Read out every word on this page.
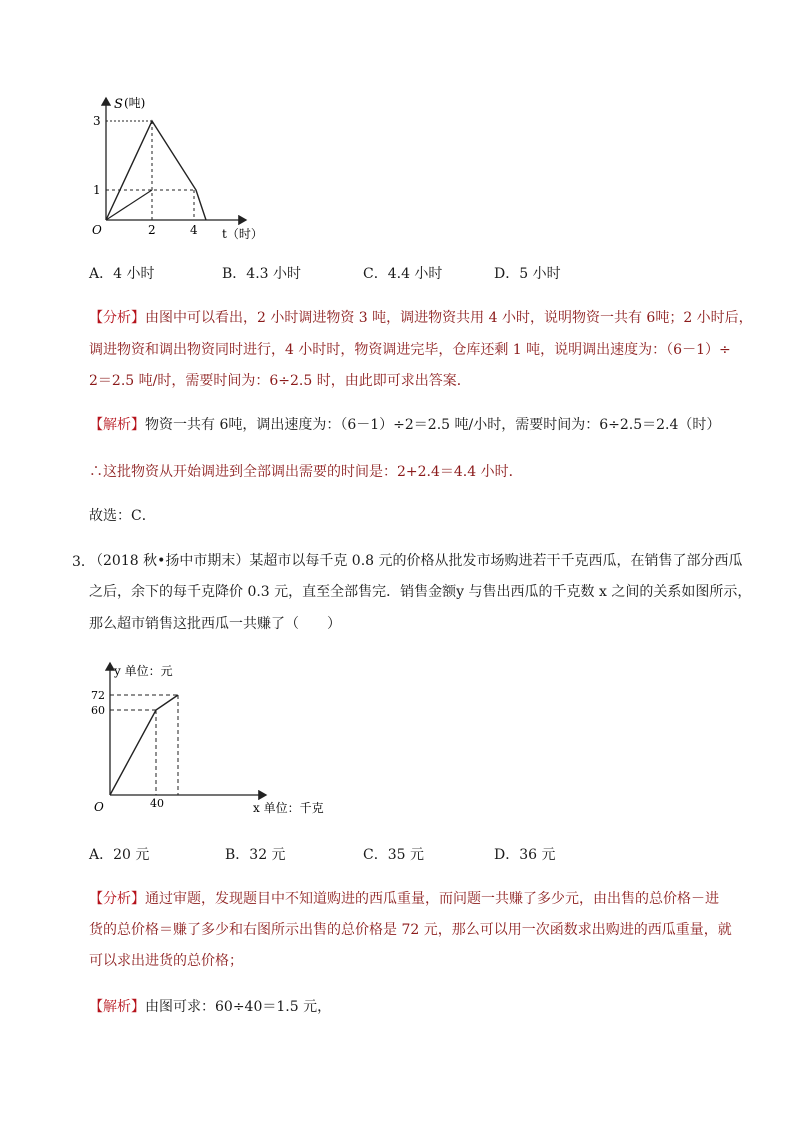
S (吨)
3
1
O	2	4 t（时）
A．4 小时	B．4.3 小时	C．4.4 小时	D．5 小时
【分析】由图中可以看出，2 小时调进物资 3 吨，调进物资共用 4 小时，说明物资一共有 6吨；2 小时后，
调进物资和调出物资同时进行，4 小时时，物资调进完毕，仓库还剩 1 吨，说明调出速度为：（6－1）÷
2＝2.5 吨/时，需要时间为：6÷2.5 时，由此即可求出答案．
【解析】物资一共有 6吨，调出速度为：（6－1）÷2＝2.5 吨/小时，需要时间为：6÷2.5＝2.4（时）
∴这批物资从开始调进到全部调出需要的时间是：2+2.4＝4.4 小时．
故选：C．
3．
（2018 秋•扬中市期末）某超市以每千克 0.8 元的价格从批发市场购进若干千克西瓜，在销售了部分西瓜
之后，余下的每千克降价 0.3 元，直至全部售完．销售金额y 与售出西瓜的千克数 x 之间的关系如图所示，
那么超市销售这批西瓜一共赚了（　　）
y 单位：元
72
60
O	40	x 单位：千克
A．20 元	B．32 元	C．35 元	D．36 元
【分析】通过审题，发现题目中不知道购进的西瓜重量，而问题一共赚了多少元，由出售的总价格－进
货的总价格＝赚了多少和右图所示出售的总价格是 72 元，那么可以用一次函数求出购进的西瓜重量，就
可以求出进货的总价格；
【解析】由图可求：60÷40＝1.5 元，
